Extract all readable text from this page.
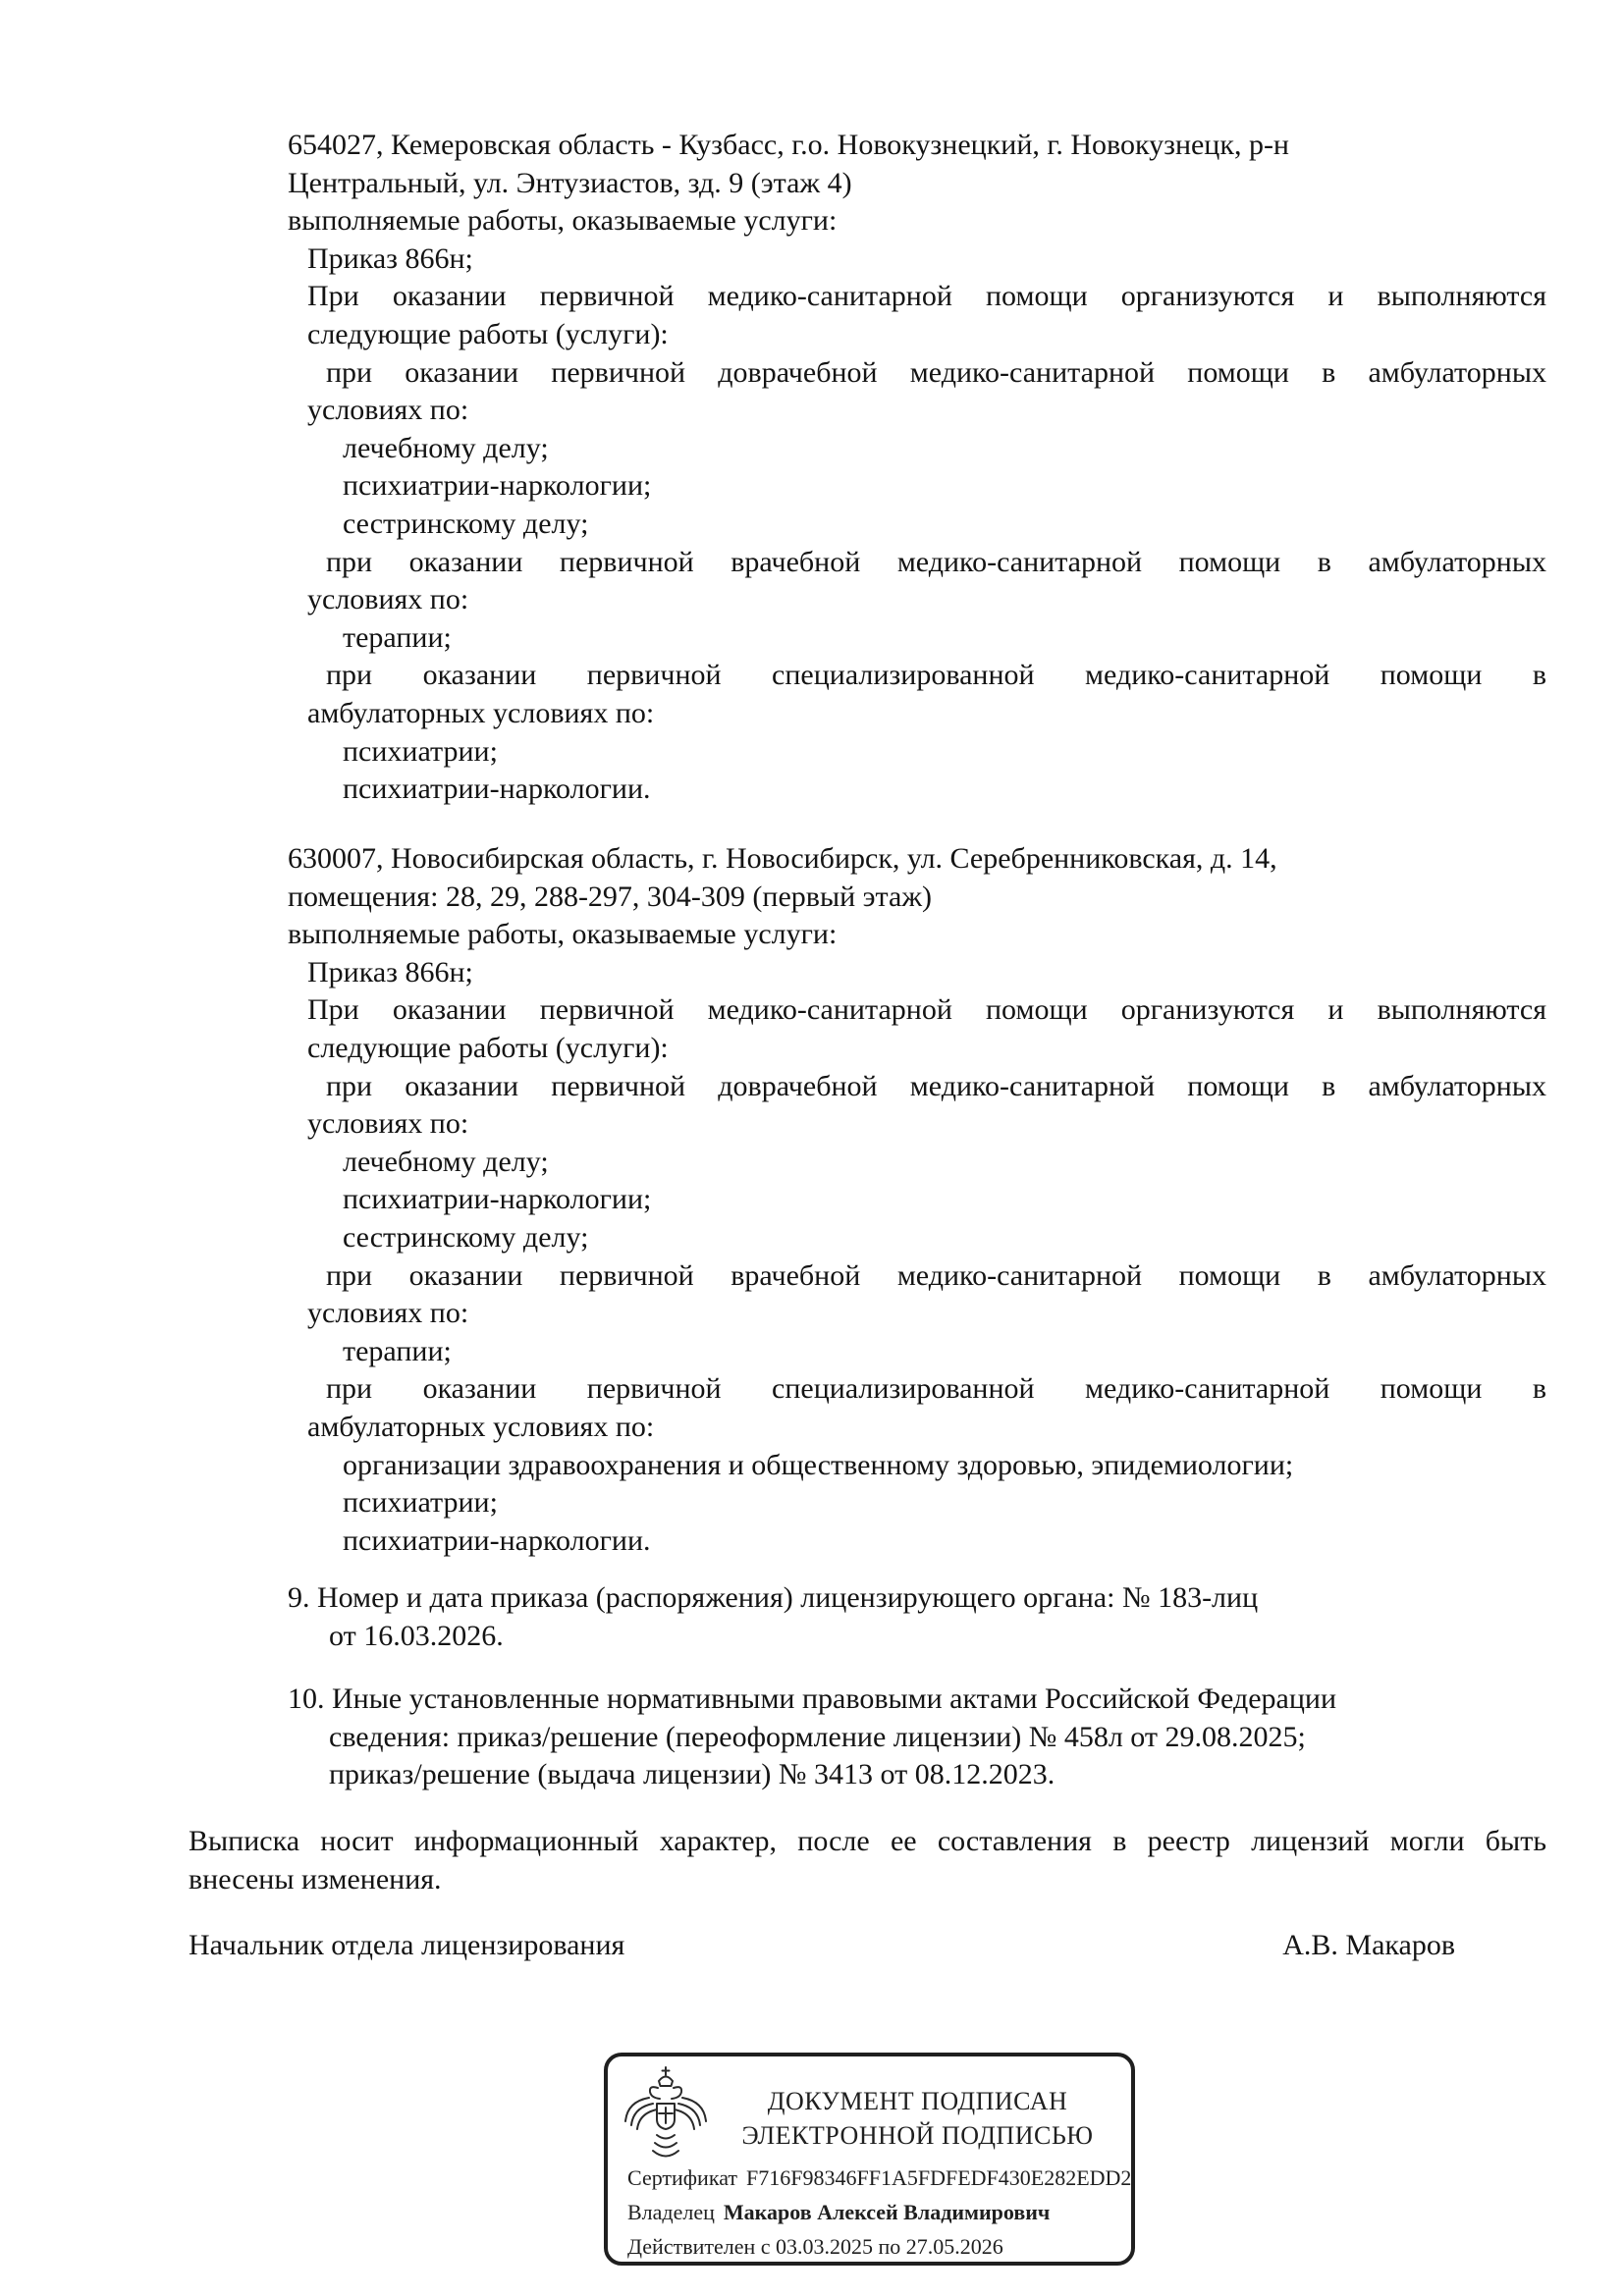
654027, Кемеровская область - Кузбасс, г.о. Новокузнецкий, г. Новокузнецк, р-н
Центральный, ул. Энтузиастов, зд. 9 (этаж 4)
выполняемые работы, оказываемые услуги:
Приказ 866н;
При оказании первичной медико-санитарной помощи организуются и выполняются
следующие работы (услуги):
при оказании первичной доврачебной медико-санитарной помощи в амбулаторных
условиях по:
лечебному делу;
психиатрии-наркологии;
сестринскому делу;
при оказании первичной врачебной медико-санитарной помощи в амбулаторных
условиях по:
терапии;
при оказании первичной специализированной медико-санитарной помощи в
амбулаторных условиях по:
психиатрии;
психиатрии-наркологии.
630007, Новосибирская область, г. Новосибирск, ул. Серебренниковская, д. 14,
помещения: 28, 29, 288-297, 304-309 (первый этаж)
выполняемые работы, оказываемые услуги:
Приказ 866н;
При оказании первичной медико-санитарной помощи организуются и выполняются
следующие работы (услуги):
при оказании первичной доврачебной медико-санитарной помощи в амбулаторных
условиях по:
лечебному делу;
психиатрии-наркологии;
сестринскому делу;
при оказании первичной врачебной медико-санитарной помощи в амбулаторных
условиях по:
терапии;
при оказании первичной специализированной медико-санитарной помощи в
амбулаторных условиях по:
организации здравоохранения и общественному здоровью, эпидемиологии;
психиатрии;
психиатрии-наркологии.
9. Номер и дата приказа (распоряжения) лицензирующего органа: № 183-лиц
от 16.03.2026.
10. Иные установленные нормативными правовыми актами Российской Федерации
сведения: приказ/решение (переоформление лицензии) № 458л от 29.08.2025;
приказ/решение (выдача лицензии) № 3413 от 08.12.2023.
Выписка носит информационный характер, после ее составления в реестр лицензий могли быть
внесены изменения.
Начальник отдела лицензирования	А.В. Макаров
ДОКУМЕНТ ПОДПИСАН
ЭЛЕКТРОННОЙ ПОДПИСЬЮ
Сертификат F716F98346FF1A5FDFEDF430E282EDD2
Владелец Макаров Алексей Владимирович
Действителен с 03.03.2025 по 27.05.2026
